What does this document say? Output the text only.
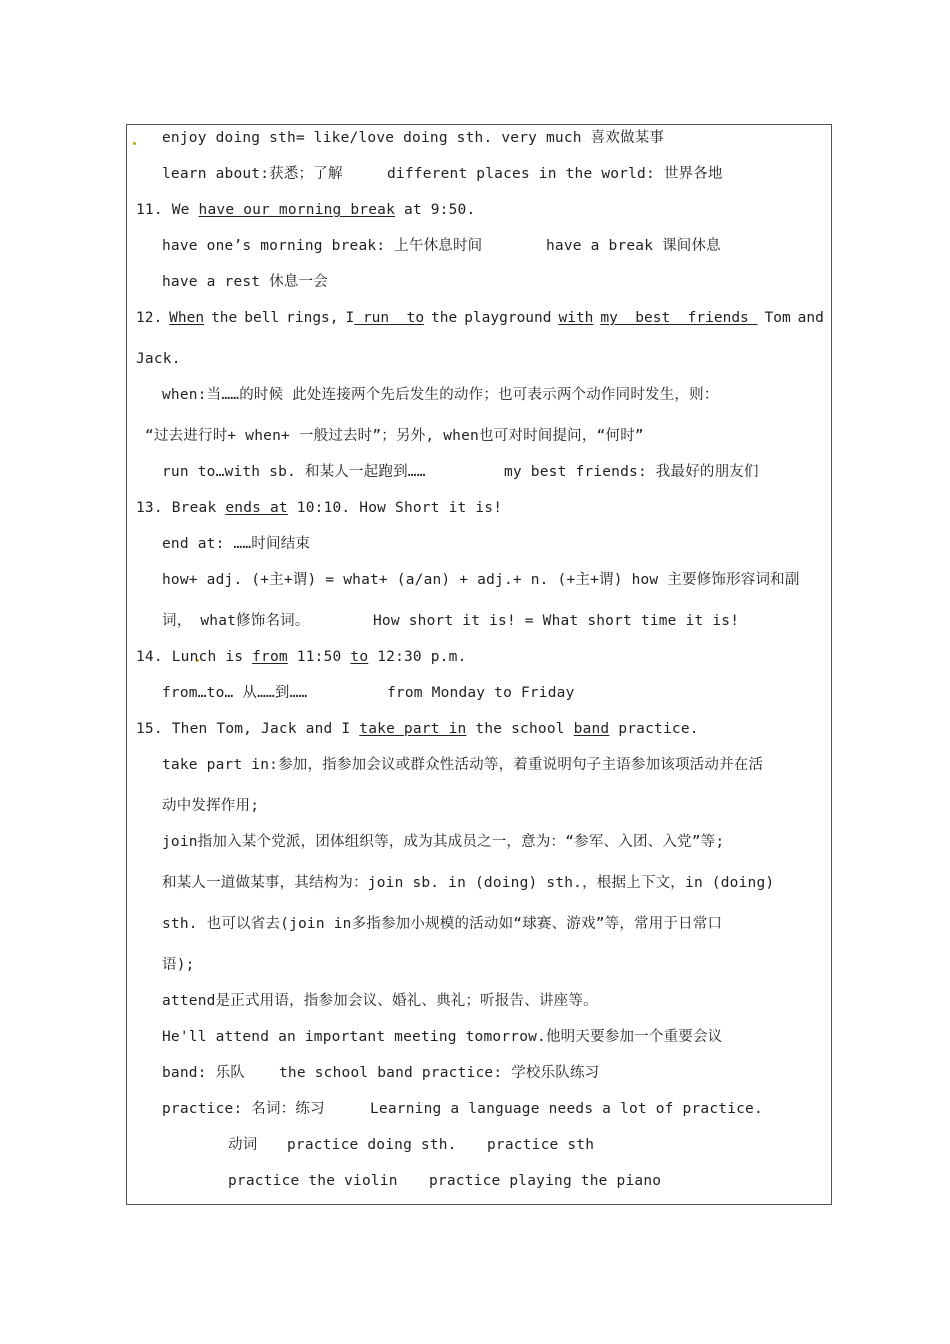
enjoy doing sth= like/love doing sth. very much 喜欢做某事
learn about:获悉；了解	different places in the world: 世界各地
11. We have our morning break at 9:50.
have one’s morning break: 上午休息时间	have a break 课间休息
have a rest 休息一会
12. When the bell rings, I run  to the playground with my  best  friends Tom and
Jack.
when:当……的时候 此处连接两个先后发生的动作；也可表示两个动作同时发生，则：
“过去进行时+ when+ 一般过去时”；另外, when也可对时间提问，“何时”
run to…with sb. 和某人一起跑到……	my best friends: 我最好的朋友们
13. Break ends at 10:10. How Short it is!
end at: ……时间结束
how+ adj. (+主+谓) = what+ (a/an) + adj.+ n. (+主+谓) how 主要修饰形容词和副
词， what修饰名词。	How short it is! = What short time it is!
14. Lunch is from 11:50 to 12:30 p.m.
from…to… 从……到……	from Monday to Friday
15. Then Tom, Jack and I take part in the school band practice.
take part in:参加，指参加会议或群众性活动等，着重说明句子主语参加该项活动并在活
动中发挥作用;
join指加入某个党派，团体组织等，成为其成员之一，意为：“参军、入团、入党”等;
和某人一道做某事，其结构为：join sb. in (doing) sth.，根据上下文，in (doing)
sth. 也可以省去(join in多指参加小规模的活动如“球赛、游戏”等，常用于日常口
语);
attend是正式用语，指参加会议、婚礼、典礼；听报告、讲座等。
He'll attend an important meeting tomorrow.他明天要参加一个重要会议
band: 乐队 the school band practice: 学校乐队练习
practice: 名词：练习	Learning a language needs a lot of practice.
动词 practice doing sth. practice sth
practice the violin practice playing the piano
